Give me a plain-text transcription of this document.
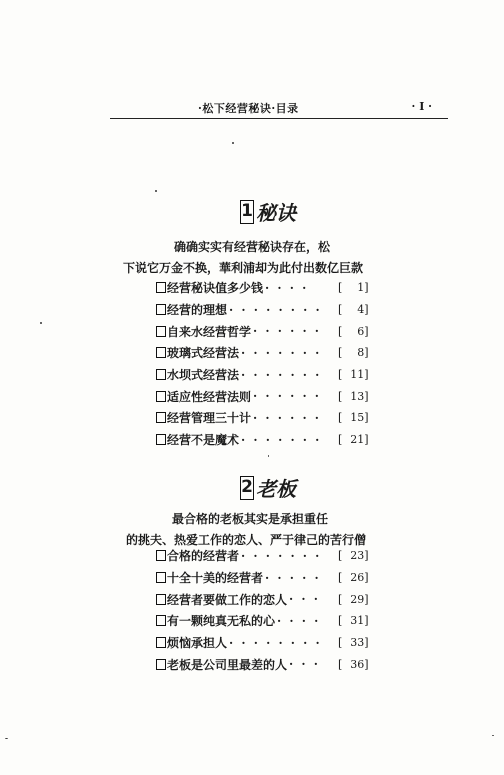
·松下经营秘诀·目录	· I ·
1 秘诀
确确实实有经营秘诀存在，松
下说它万金不换，華利浦却为此付出数亿巨款
经营秘诀值多少钱 · · · ·	[ 1]
经营的理想 · · · · · · · · [ 4]
自来水经营哲学 · · · · · · [ 6]
玻璃式经营法 · · · · · · · [ 8]
水坝式经营法 · · · · · · · [ 11]
适应性经营法则 · · · · · · [ 13]
经营管理三十计 · · · · · · [ 15]
经营不是魔术 · · · · · · · [ 21]
2 老板
最合格的老板其实是承担重任
的挑夫、热爱工作的恋人、严于律己的苦行僧
合格的经营者 · · · · · · · [ 23]
十全十美的经营者 · · · · · [ 26]
经营者要做工作的恋人 · · · [ 29]
有一颗纯真无私的心 · · · · [ 31]
烦恼承担人 · · · · · · · · [ 33]
老板是公司里最差的人 · · · [ 36]
